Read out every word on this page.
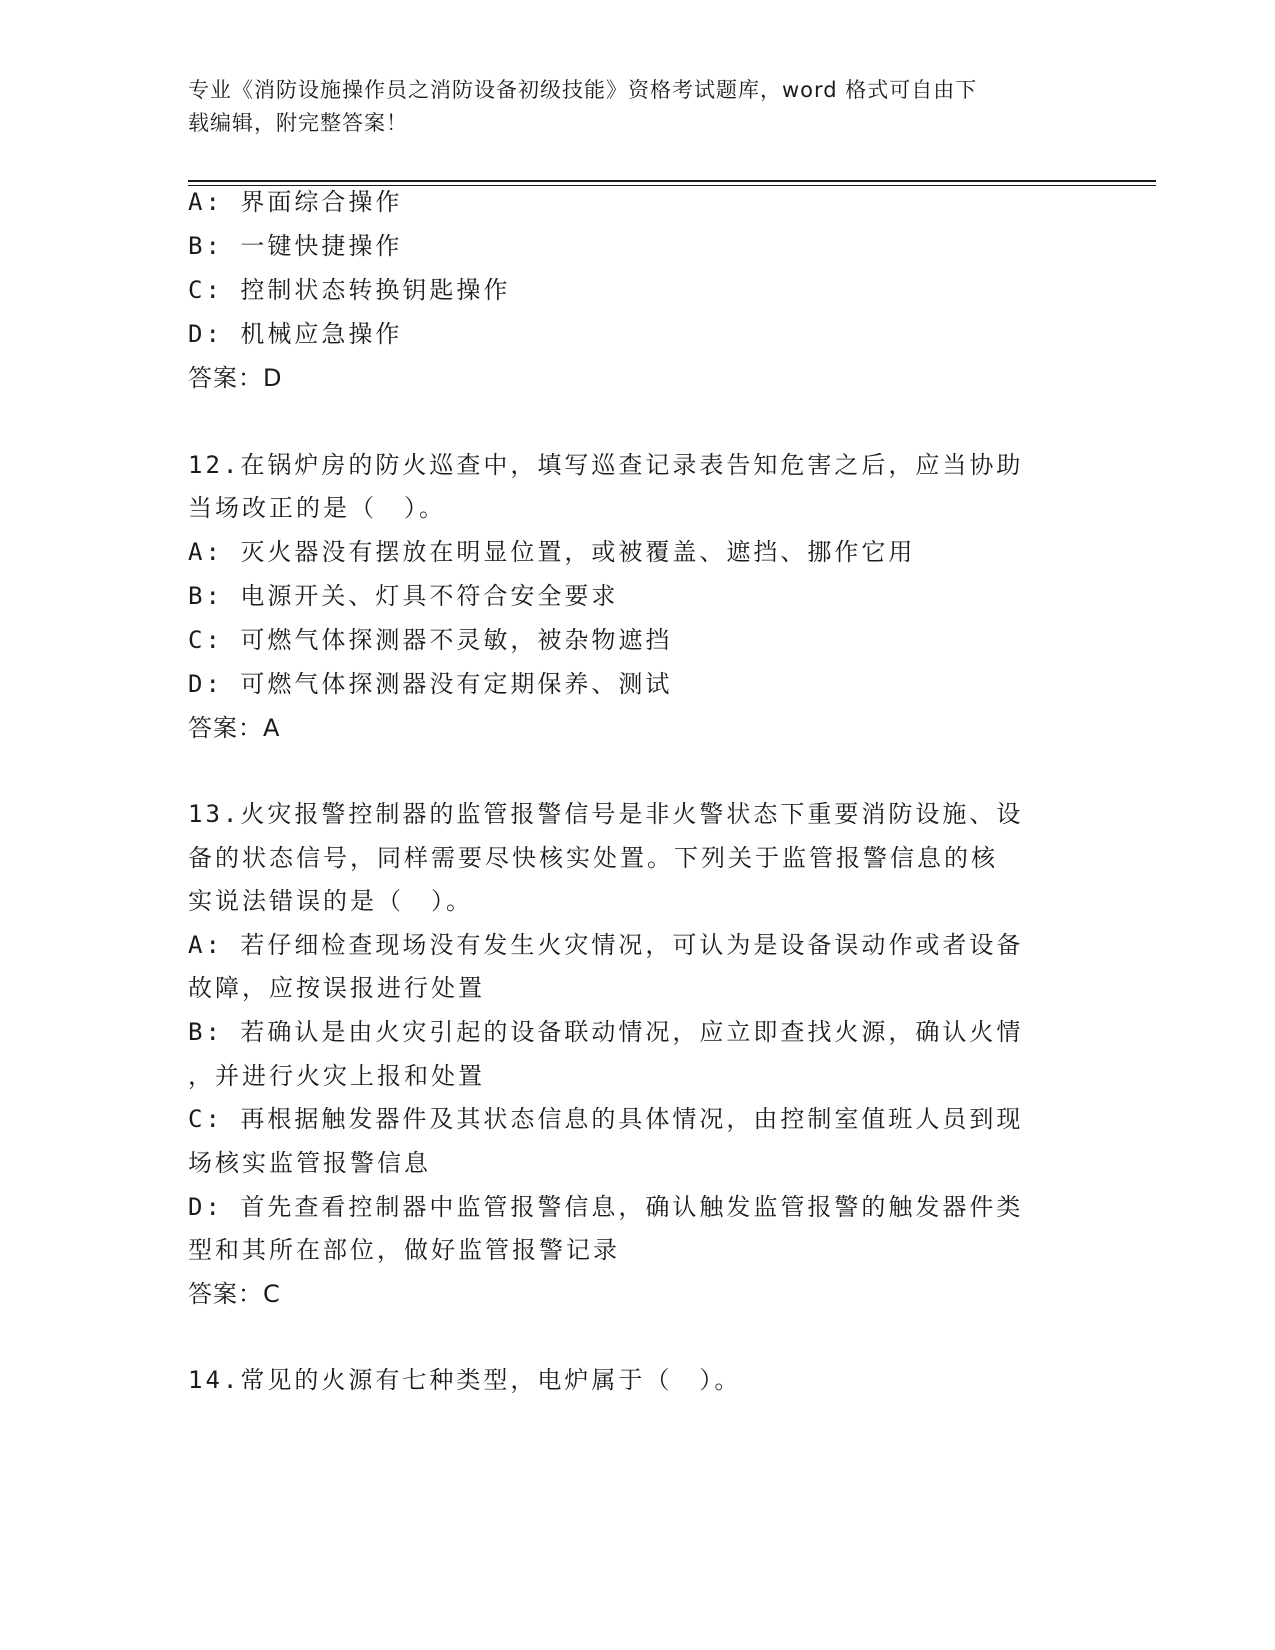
专业《消防设施操作员之消防设备初级技能》资格考试题库，word 格式可自由下
载编辑，附完整答案！
A: 界面综合操作
B: 一键快捷操作
C: 控制状态转换钥匙操作
D: 机械应急操作
答案：D
12.在锅炉房的防火巡查中，填写巡查记录表告知危害之后，应当协助
当场改正的是（　）。
A: 灭火器没有摆放在明显位置，或被覆盖、遮挡、挪作它用
B: 电源开关、灯具不符合安全要求
C: 可燃气体探测器不灵敏，被杂物遮挡
D: 可燃气体探测器没有定期保养、测试
答案：A
13.火灾报警控制器的监管报警信号是非火警状态下重要消防设施、设
备的状态信号，同样需要尽快核实处置。下列关于监管报警信息的核
实说法错误的是（　）。
A: 若仔细检查现场没有发生火灾情况，可认为是设备误动作或者设备
故障，应按误报进行处置
B: 若确认是由火灾引起的设备联动情况，应立即查找火源，确认火情
，并进行火灾上报和处置
C: 再根据触发器件及其状态信息的具体情况，由控制室值班人员到现
场核实监管报警信息
D: 首先查看控制器中监管报警信息，确认触发监管报警的触发器件类
型和其所在部位，做好监管报警记录
答案：C
14.常见的火源有七种类型，电炉属于（　）。
